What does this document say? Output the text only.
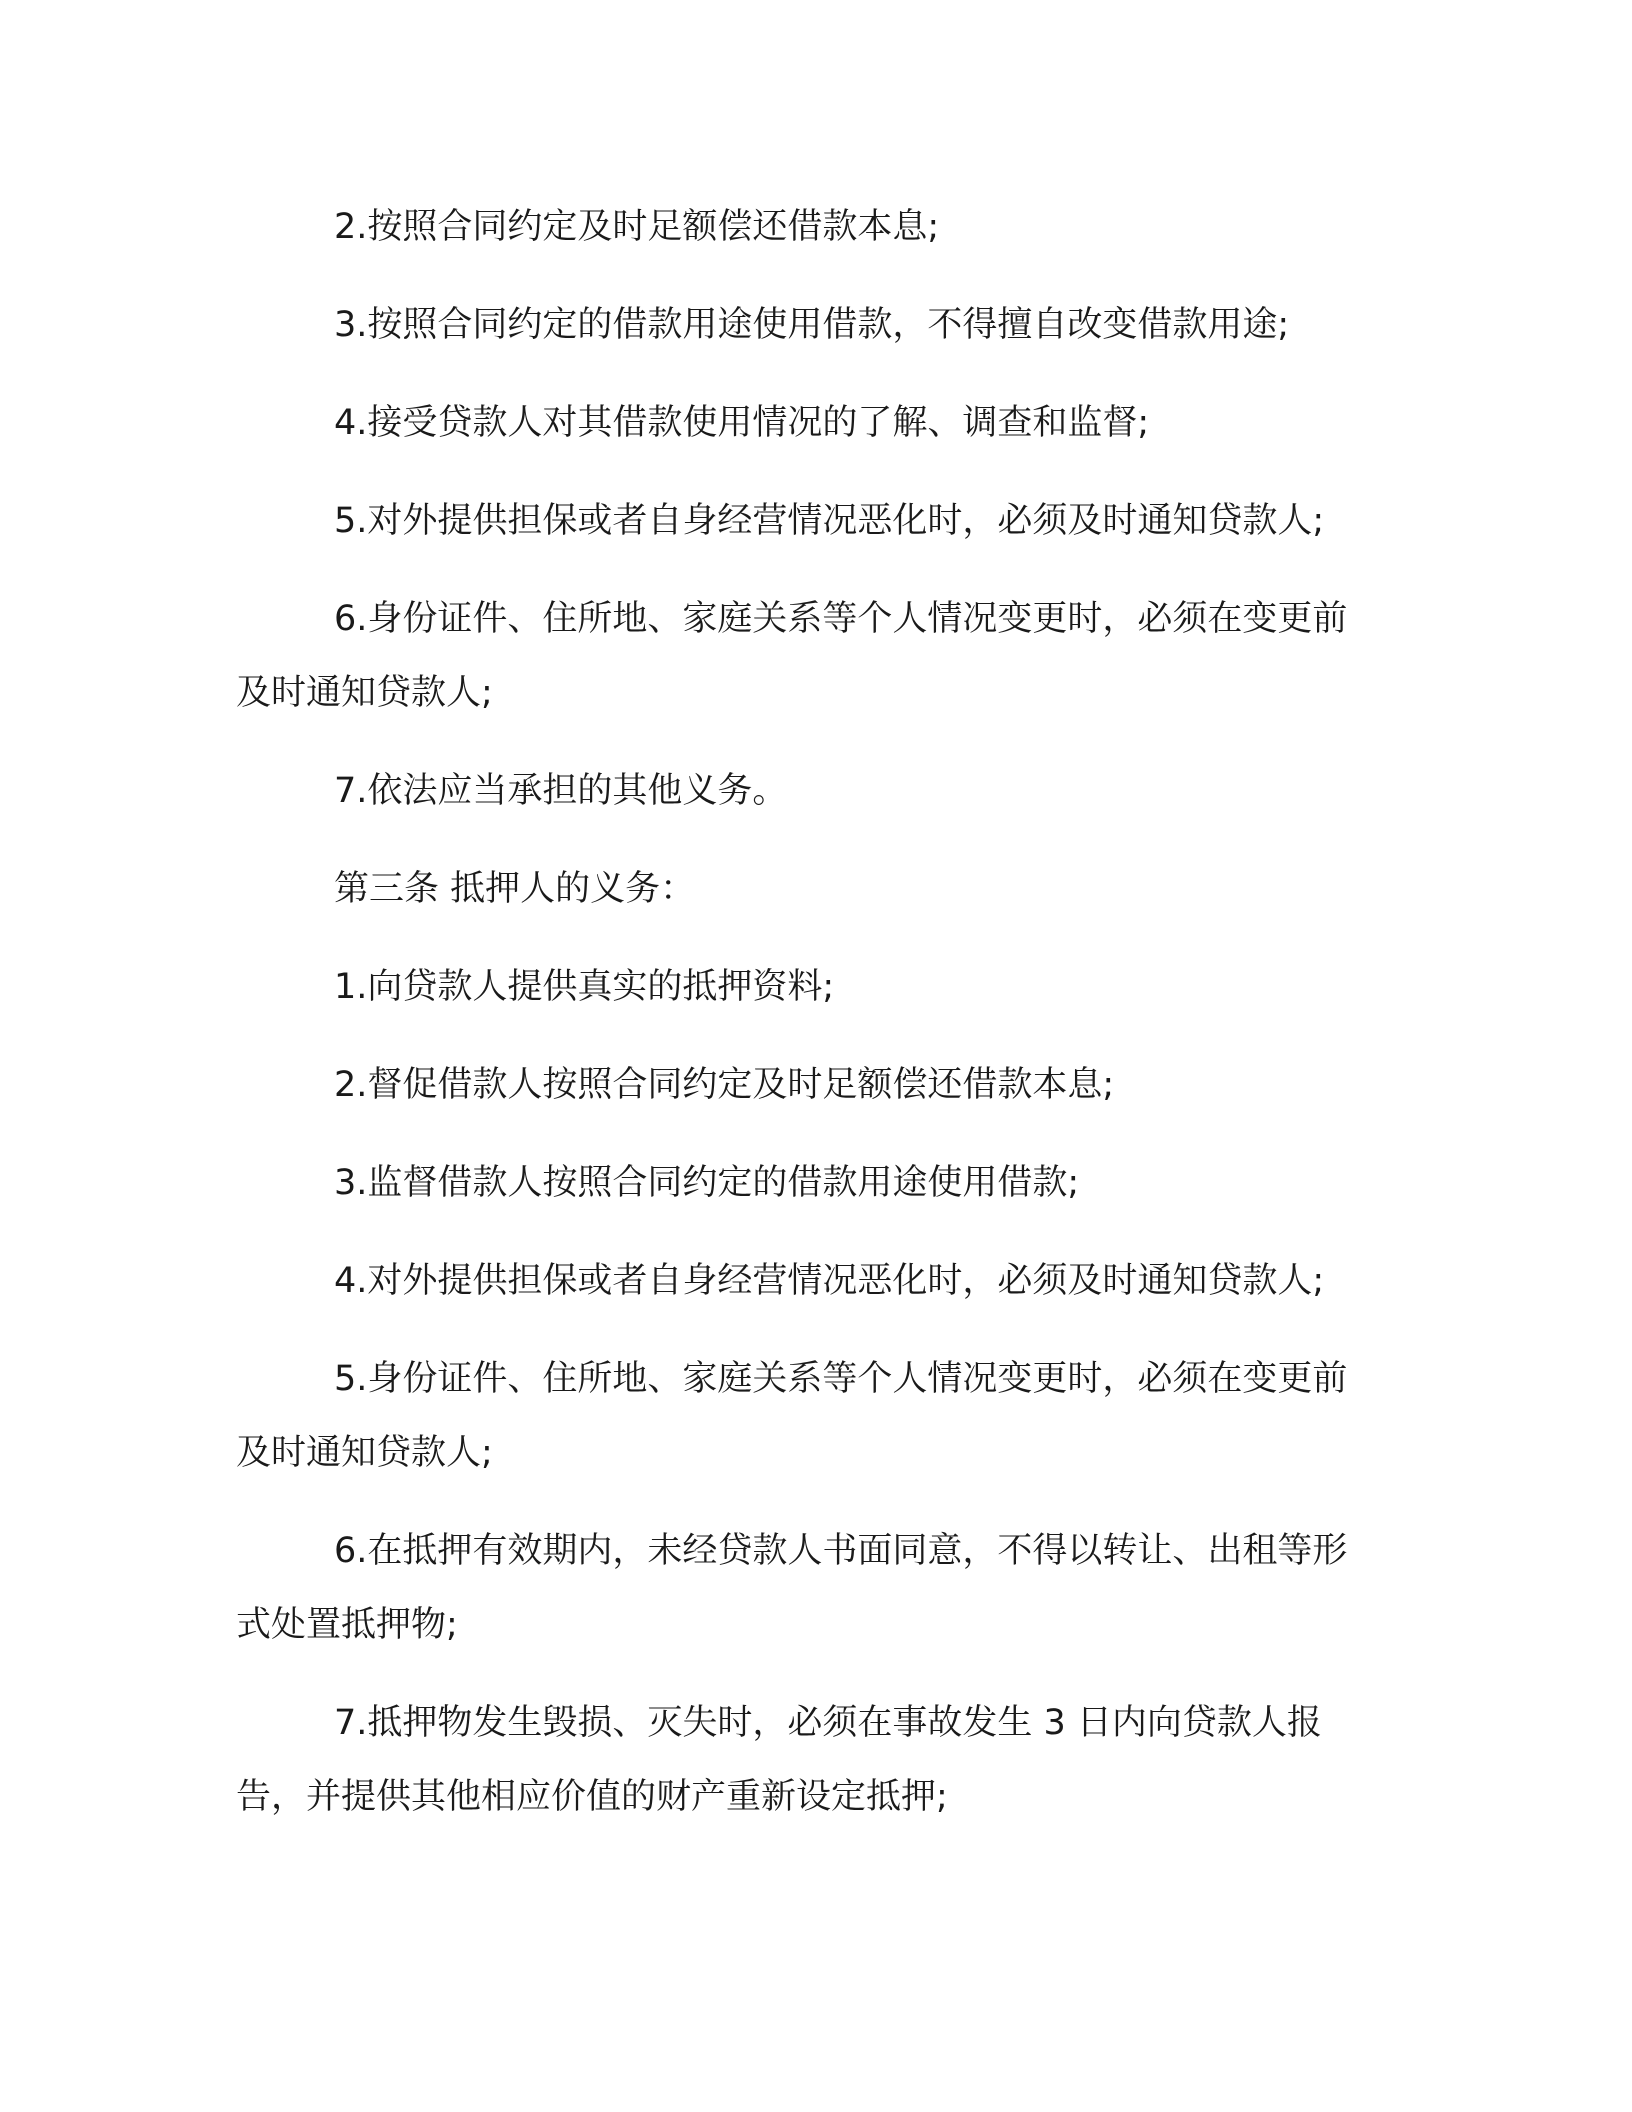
2.按照合同约定及时足额偿还借款本息;

3.按照合同约定的借款用途使用借款，不得擅自改变借款用途;

4.接受贷款人对其借款使用情况的了解、调查和监督;

5.对外提供担保或者自身经营情况恶化时，必须及时通知贷款人;

6.身份证件、住所地、家庭关系等个人情况变更时，必须在变更前及时通知贷款人;

7.依法应当承担的其他义务。

第三条 抵押人的义务：

1.向贷款人提供真实的抵押资料;

2.督促借款人按照合同约定及时足额偿还借款本息;

3.监督借款人按照合同约定的借款用途使用借款;

4.对外提供担保或者自身经营情况恶化时，必须及时通知贷款人;

5.身份证件、住所地、家庭关系等个人情况变更时，必须在变更前及时通知贷款人;

6.在抵押有效期内，未经贷款人书面同意，不得以转让、出租等形式处置抵押物;

7.抵押物发生毁损、灭失时，必须在事故发生 3 日内向贷款人报告，并提供其他相应价值的财产重新设定抵押;
